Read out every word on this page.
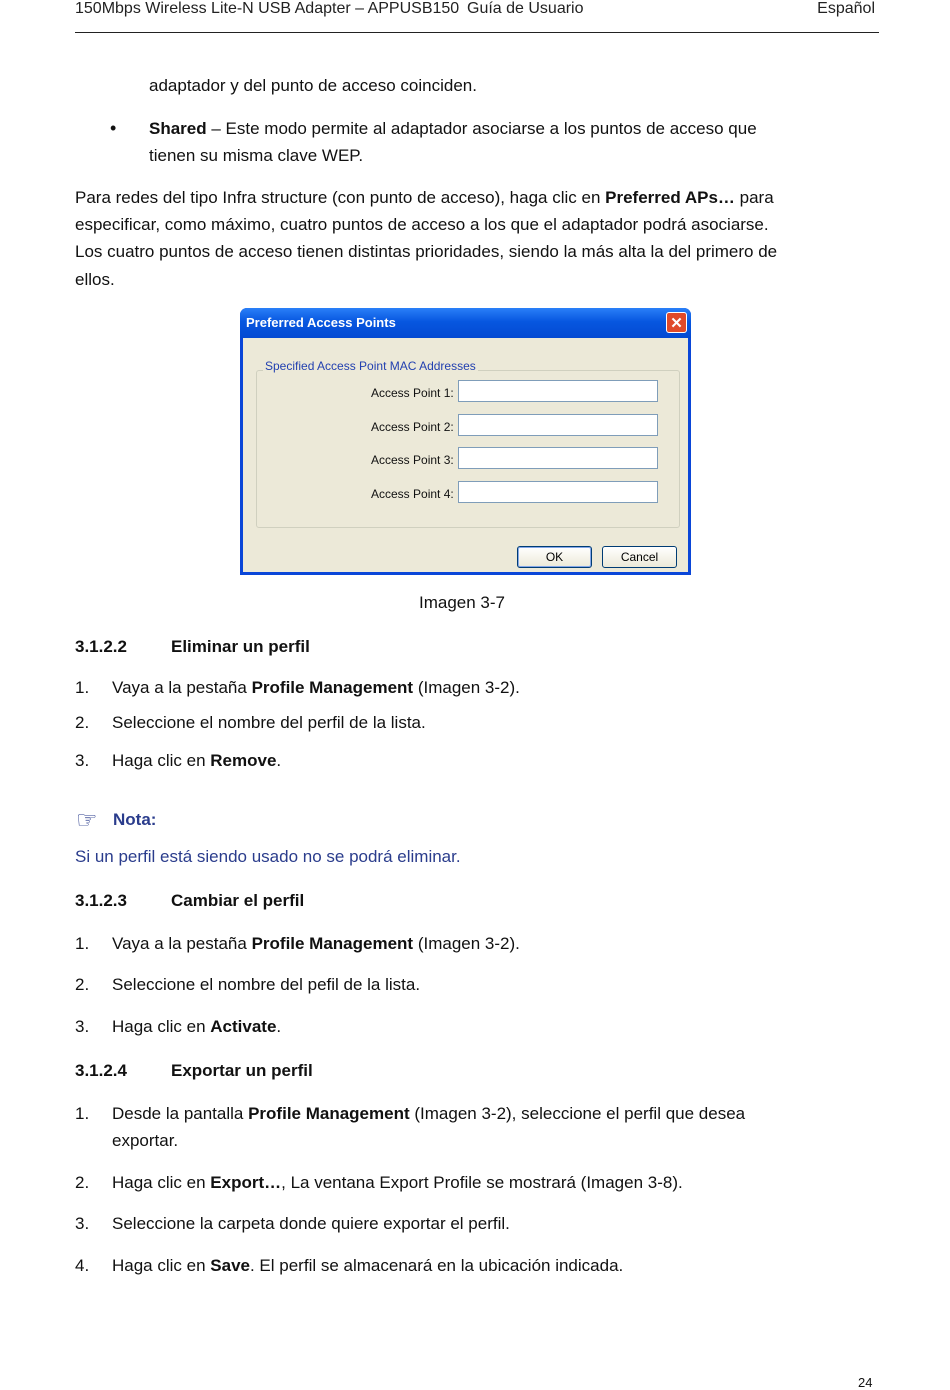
150Mbps Wireless Lite-N USB Adapter – APPUSB150 Guía de Usuario	Español
adaptador y del punto de acceso coinciden.
• Shared – Este modo permite al adaptador asociarse a los puntos de acceso que
tienen su misma clave WEP.
Para redes del tipo Infra structure (con punto de acceso), haga clic en Preferred APs… para
especificar, como máximo, cuatro puntos de acceso a los que el adaptador podrá asociarse.
Los cuatro puntos de acceso tienen distintas prioridades, siendo la más alta la del primero de
ellos.
Preferred Access Points	✕
Specified Access Point MAC Addresses
Access Point 1:
Access Point 2:
Access Point 3:
Access Point 4:
OK	Cancel
Imagen 3-7
3.1.2.2	Eliminar un perfil
1. Vaya a la pestaña Profile Management (Imagen 3-2).
2. Seleccione el nombre del perfil de la lista.
3. Haga clic en Remove.
☞ Nota:
Si un perfil está siendo usado no se podrá eliminar.
3.1.2.3	Cambiar el perfil
1. Vaya a la pestaña Profile Management (Imagen 3-2).
2. Seleccione el nombre del pefil de la lista.
3. Haga clic en Activate.
3.1.2.4	Exportar un perfil
1. Desde la pantalla Profile Management (Imagen 3-2), seleccione el perfil que desea
exportar.
2. Haga clic en Export…, La ventana Export Profile se mostrará (Imagen 3-8).
3. Seleccione la carpeta donde quiere exportar el perfil.
4. Haga clic en Save. El perfil se almacenará en la ubicación indicada.
24
